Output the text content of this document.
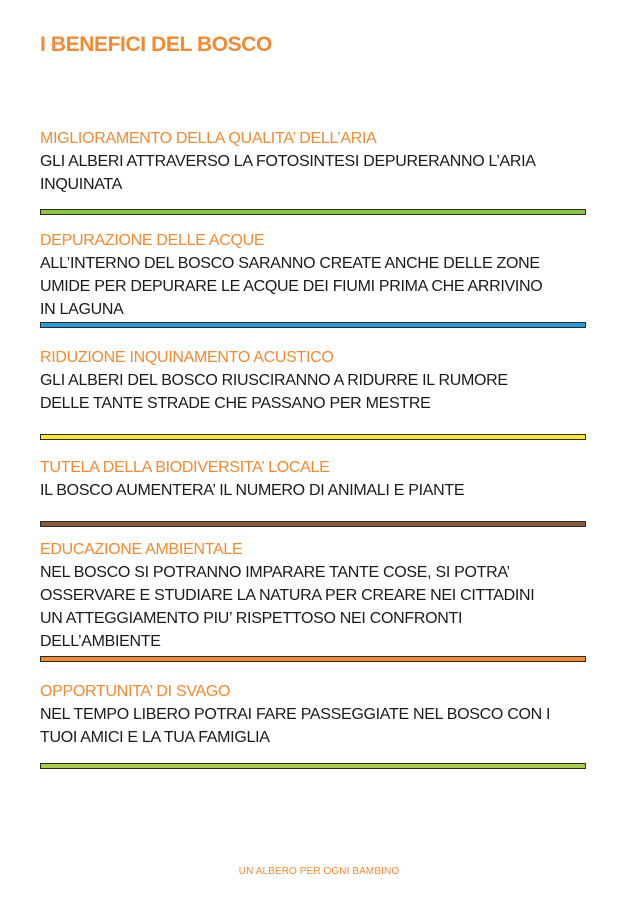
I BENEFICI DEL BOSCO
MIGLIORAMENTO DELLA QUALITA’ DELL’ARIA
GLI ALBERI ATTRAVERSO LA FOTOSINTESI DEPURERANNO L’ARIA INQUINATA
DEPURAZIONE DELLE ACQUE
ALL’INTERNO DEL BOSCO SARANNO CREATE ANCHE DELLE ZONE UMIDE PER DEPURARE LE ACQUE DEI FIUMI PRIMA CHE ARRIVINO IN LAGUNA
RIDUZIONE INQUINAMENTO ACUSTICO
GLI ALBERI DEL BOSCO RIUSCIRANNO A RIDURRE IL RUMORE DELLE TANTE STRADE CHE PASSANO PER MESTRE
TUTELA DELLA BIODIVERSITA’ LOCALE
IL BOSCO AUMENTERA’ IL NUMERO DI ANIMALI E PIANTE
EDUCAZIONE AMBIENTALE
NEL BOSCO SI POTRANNO IMPARARE TANTE COSE, SI POTRA’ OSSERVARE E STUDIARE LA NATURA PER CREARE NEI CITTADINI UN ATTEGGIAMENTO PIU’ RISPETTOSO NEI CONFRONTI DELL’AMBIENTE
OPPORTUNITA’ DI SVAGO
NEL TEMPO LIBERO POTRAI FARE PASSEGGIATE NEL BOSCO CON I TUOI AMICI E LA TUA FAMIGLIA
UN ALBERO PER OGNI BAMBINO
